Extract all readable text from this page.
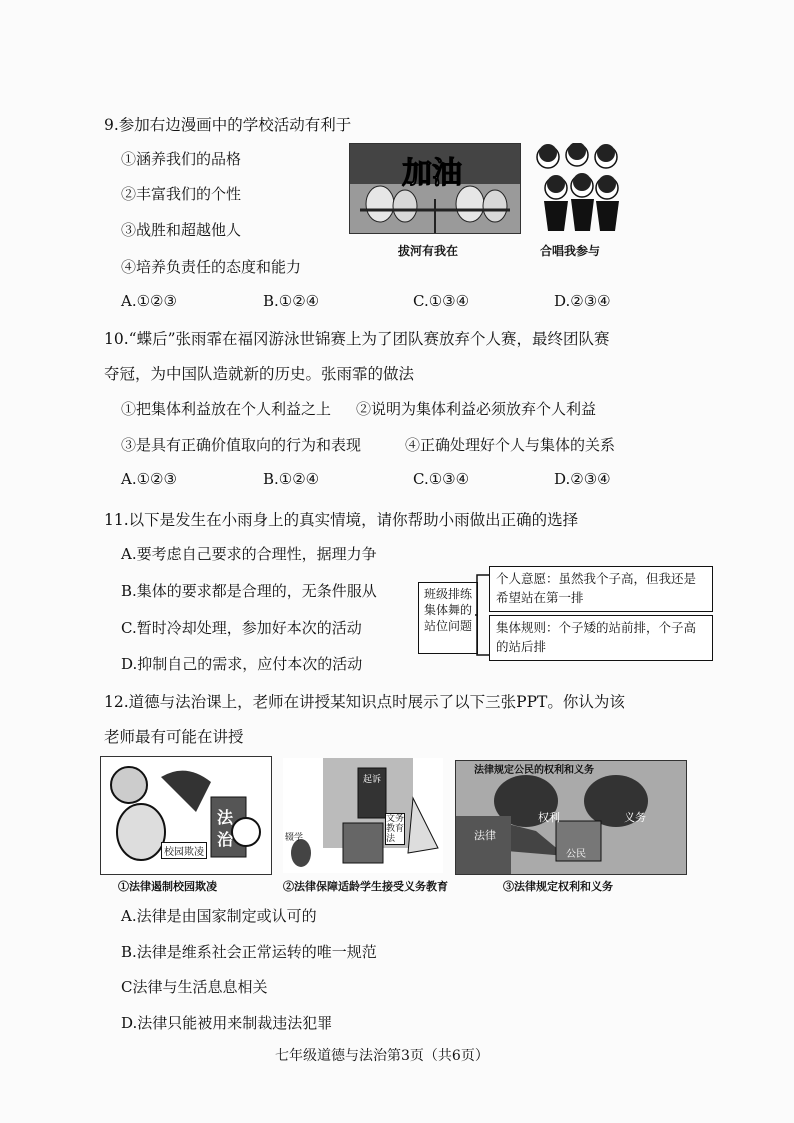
9.参加右边漫画中的学校活动有利于
①涵养我们的品格
②丰富我们的个性
③战胜和超越他人
④培养负责任的态度和能力
加油
拔河有我在	合唱我参与
A.①②③	B.①②④	C.①③④	D.②③④
10.“蝶后”张雨霏在福冈游泳世锦赛上为了团队赛放弃个人赛，最终团队赛
夺冠，为中国队造就新的历史。张雨霏的做法
①把集体利益放在个人利益之上 ②说明为集体利益必须放弃个人利益
③是具有正确价值取向的行为和表现	④正确处理好个人与集体的关系
A.①②③	B.①②④	C.①③④	D.②③④
11.以下是发生在小雨身上的真实情境，请你帮助小雨做出正确的选择
A.要考虑自己要求的合理性，据理力争
B.集体的要求都是合理的，无条件服从
C.暂时冷却处理，参加好本次的活动
D.抑制自己的需求，应付本次的活动
班级排练集体舞的站位问题
个人意愿：虽然我个子高，但我还是希望站在第一排
集体规则：个子矮的站前排，个子高的站后排
12.道德与法治课上，老师在讲授某知识点时展示了以下三张PPT。你认为该
老师最有可能在讲授
校园欺凌
法
治
起诉
文务教育法
辍学
法律规定公民的权利和义务
权利	义务
法律
公民
①法律遏制校园欺凌	②法律保障适龄学生接受义务教育	③法律规定权利和义务
A.法律是由国家制定或认可的
B.法律是维系社会正常运转的唯一规范
C法律与生活息息相关
D.法律只能被用来制裁违法犯罪
七年级道德与法治第3页（共6页）
